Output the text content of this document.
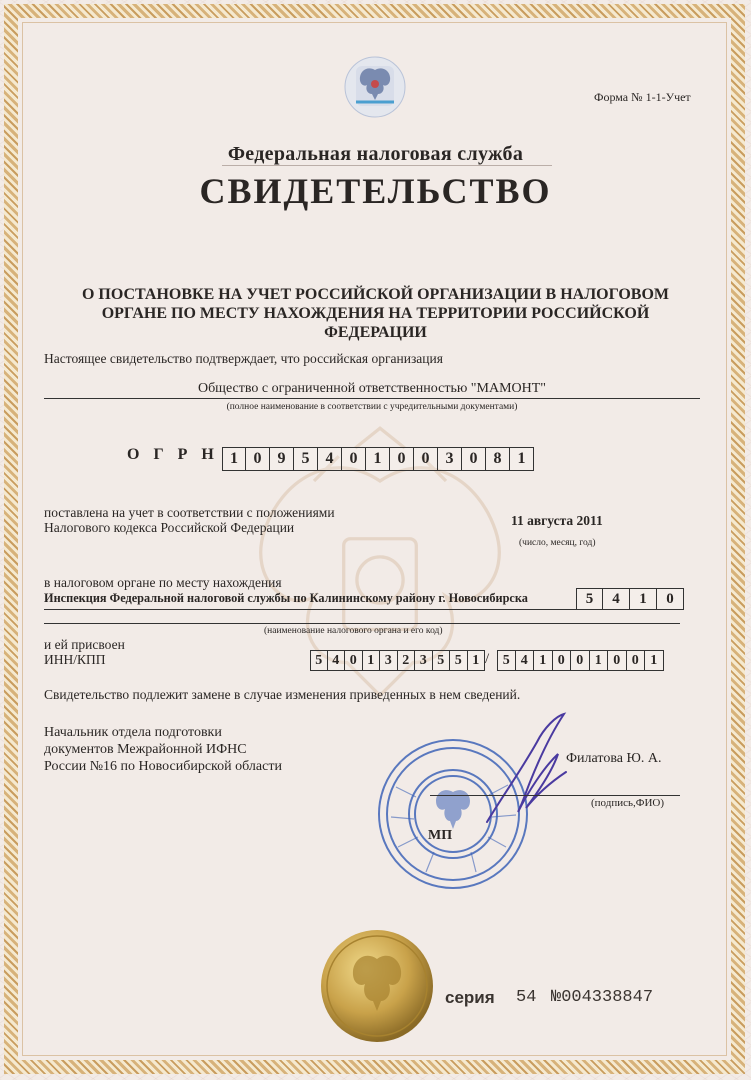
Форма № 1-1-Учет
Федеральная налоговая служба
СВИДЕТЕЛЬСТВО
О ПОСТАНОВКЕ НА УЧЕТ РОССИЙСКОЙ ОРГАНИЗАЦИИ В НАЛОГОВОМ ОРГАНЕ ПО МЕСТУ НАХОЖДЕНИЯ НА ТЕРРИТОРИИ РОССИЙСКОЙ ФЕДЕРАЦИИ
Настоящее свидетельство подтверждает, что российская организация
Общество с ограниченной ответственностью "МАМОНТ"
(полное наименование в соответствии с учредительными документами)
ОГРН 1 0	9	5	4	0	1	0	0	3	0	8	1
поставлена на учет в соответствии с положениями
Налогового кодекса Российской Федерации	11 августа 2011
(число, месяц, год)
в налоговом органе по месту нахождения
Инспекция Федеральной налоговой службы по Калининскому району г. Новосибирска	5	4	1	0
(наименование налогового органа и его код)
и ей присвоен
ИНН/КПП	5 4 0 1 3 2 3 5 5 1 / 5 4 1 0 0 1 0 0 1
Свидетельство подлежит замене в случае изменения приведенных в нем сведений.
Начальник отдела подготовки документов Межрайонной ИФНС России №16 по Новосибирской области
МП
Филатова Ю. А.
(подпись,ФИО)
серия 54 №004338847
